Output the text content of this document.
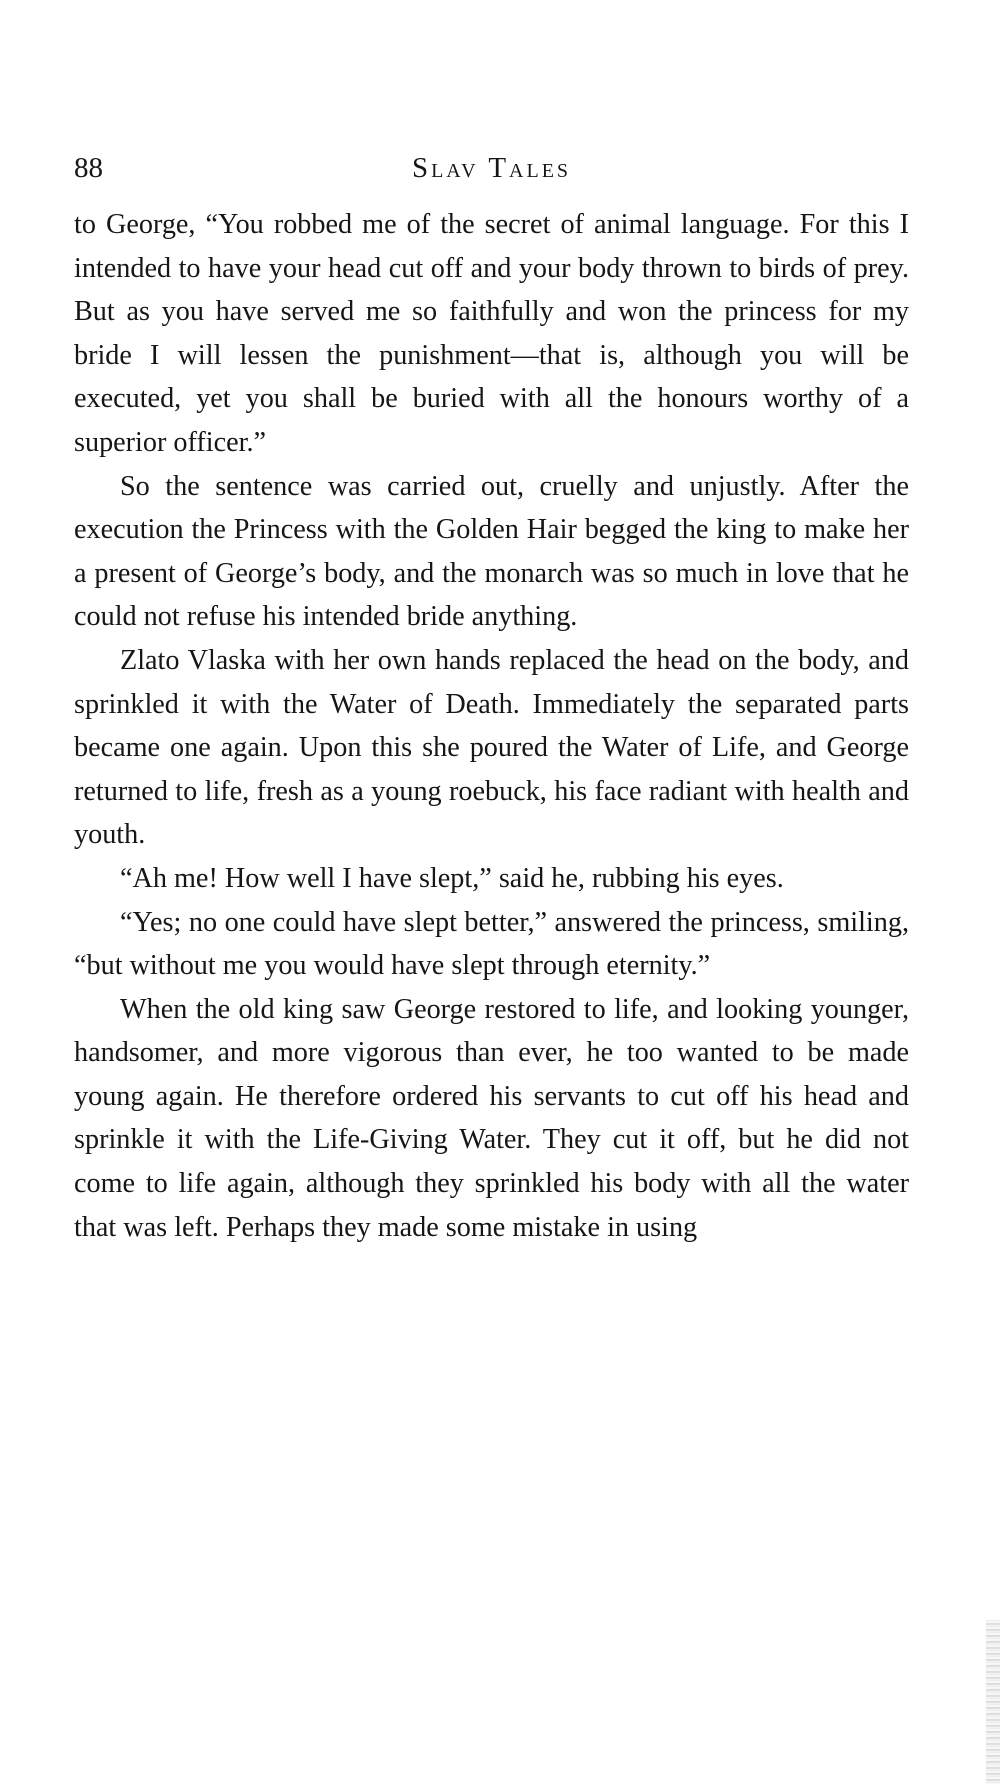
88	Slav Tales

to George, “You robbed me of the secret of animal language. For this I intended to have your head cut off and your body thrown to birds of prey. But as you have served me so faithfully and won the princess for my bride I will lessen the punishment—that is, although you will be executed, yet you shall be buried with all the honours worthy of a superior officer.”

So the sentence was carried out, cruelly and unjustly. After the execution the Princess with the Golden Hair begged the king to make her a present of George’s body, and the monarch was so much in love that he could not refuse his intended bride anything.

Zlato Vlaska with her own hands replaced the head on the body, and sprinkled it with the Water of Death. Immediately the separated parts became one again. Upon this she poured the Water of Life, and George returned to life, fresh as a young roebuck, his face radiant with health and youth.

“Ah me! How well I have slept,” said he, rubbing his eyes.

“Yes; no one could have slept better,” answered the princess, smiling, “but without me you would have slept through eternity.”

When the old king saw George restored to life, and looking younger, handsomer, and more vigorous than ever, he too wanted to be made young again. He therefore ordered his servants to cut off his head and sprinkle it with the Life-Giving Water. They cut it off, but he did not come to life again, although they sprinkled his body with all the water that was left. Perhaps they made some mistake in using
